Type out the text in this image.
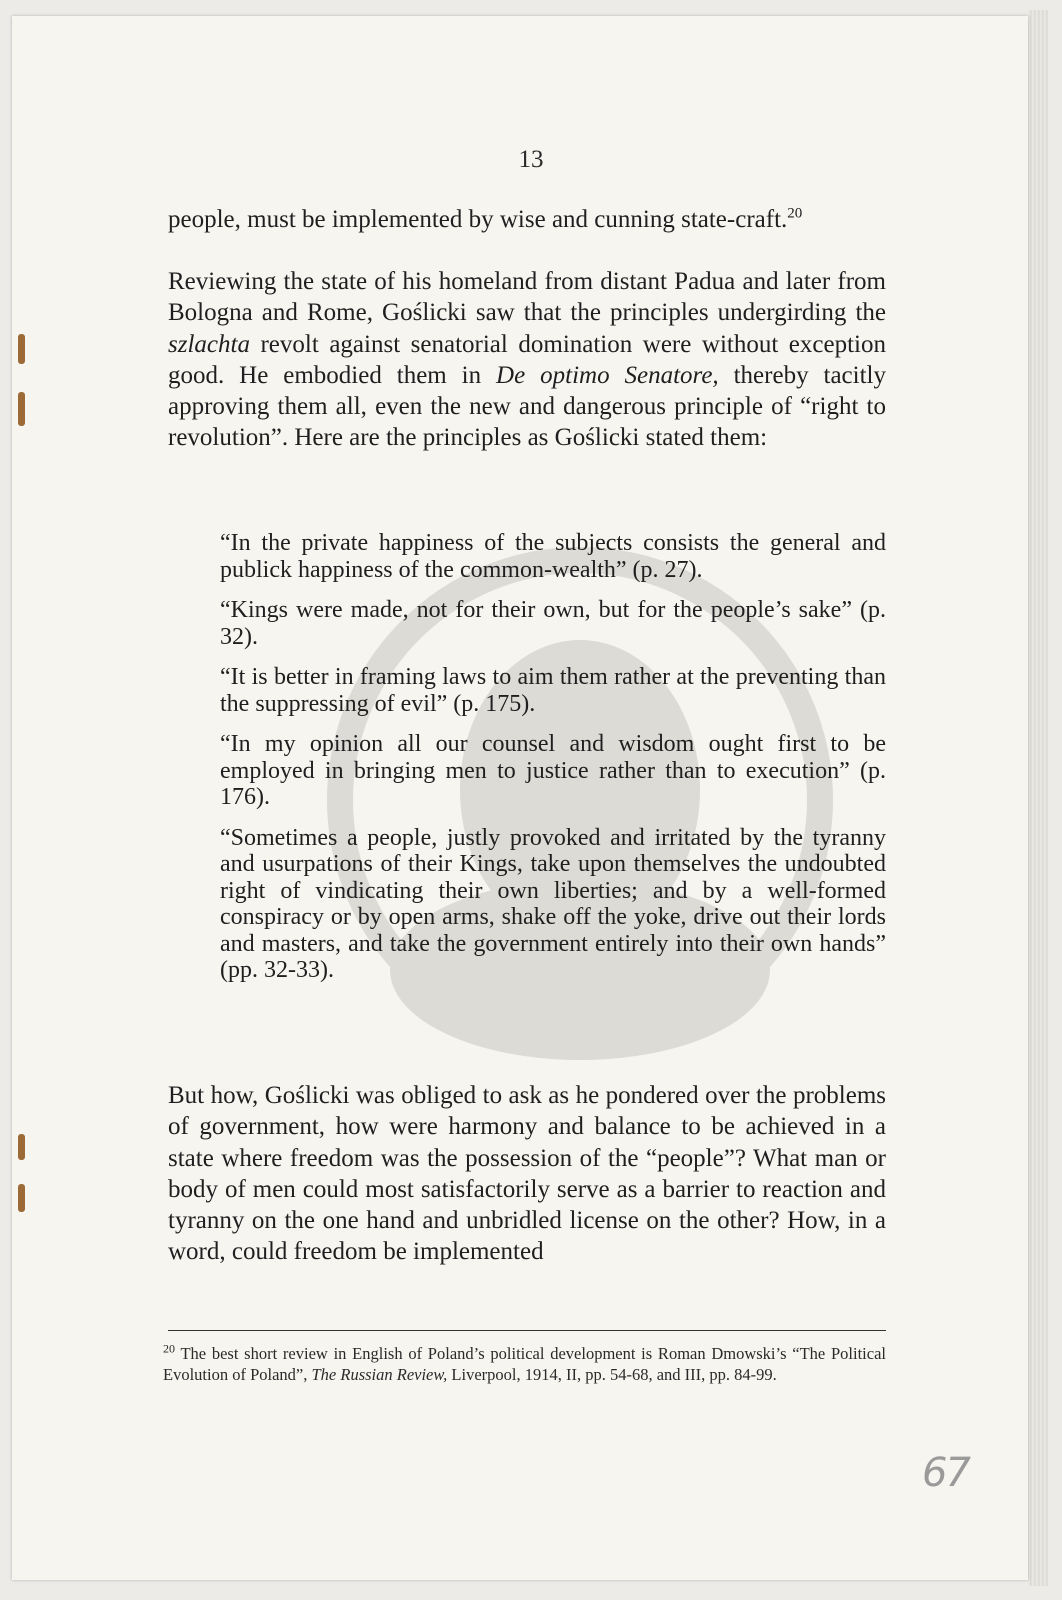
13

people, must be implemented by wise and cunning state-craft.$^{20}$

Reviewing the state of his homeland from distant Padua and later from Bologna and Rome, Goślicki saw that the principles undergirding the szlachta revolt against senatorial domination were without exception good. He embodied them in De optimo Senatore, thereby tacitly approving them all, even the new and dangerous principle of “right to revolution”. Here are the principles as Goślicki stated them:

“In the private happiness of the subjects consists the general and publick happiness of the common-wealth” (p. 27).

“Kings were made, not for their own, but for the people’s sake” (p. 32).

“It is better in framing laws to aim them rather at the preventing than the suppressing of evil” (p. 175).

“In my opinion all our counsel and wisdom ought first to be employed in bringing men to justice rather than to execution” (p. 176).

“Sometimes a people, justly provoked and irritated by the tyranny and usurpations of their Kings, take upon themselves the undoubted right of vindicating their own liberties; and by a well-formed conspiracy or by open arms, shake off the yoke, drive out their lords and masters, and take the government entirely into their own hands” (pp. 32-33).

But how, Goślicki was obliged to ask as he pondered over the problems of government, how were harmony and balance to be achieved in a state where freedom was the possession of the “people”? What man or body of men could most satisfactorily serve as a barrier to reaction and tyranny on the one hand and unbridled license on the other? How, in a word, could freedom be implemented

$^{20}$ The best short review in English of Poland’s political development is Roman Dmowski’s “The Political Evolution of Poland”, The Russian Review, Liverpool, 1914, II, pp. 54-68, and III, pp. 84-99.
67
